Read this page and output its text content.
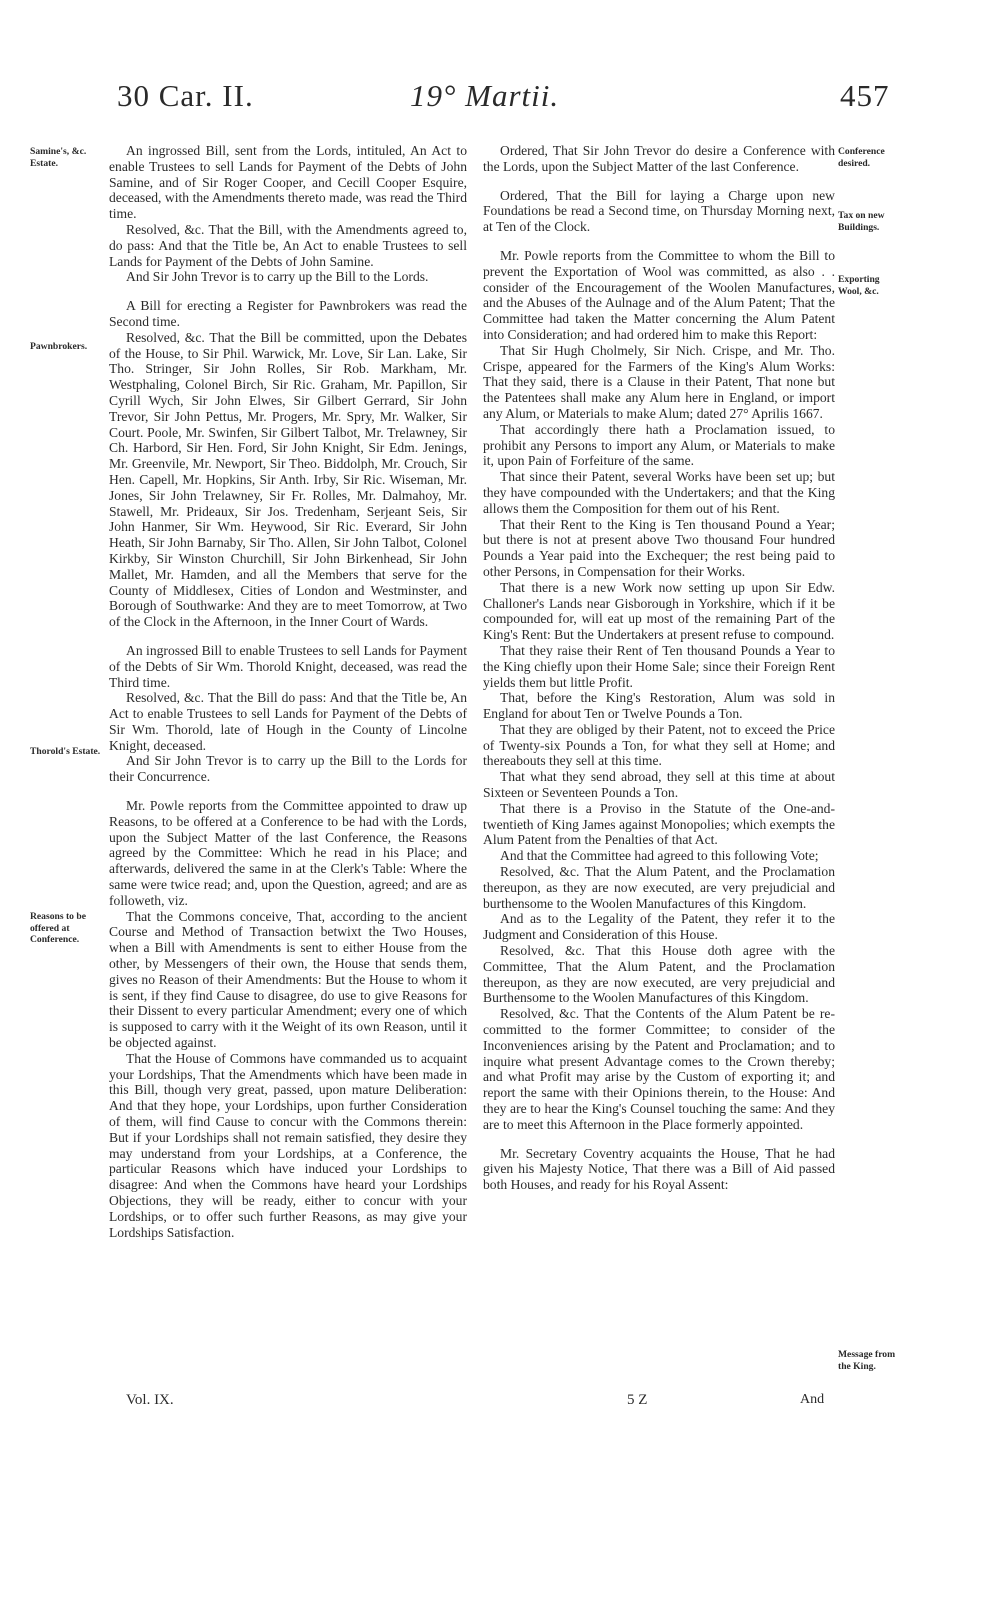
30 Car. II.	19° Martii.	457
Samine's, &c. Estate.
Pawnbrokers.
Thorold's Estate.
Reasons to be offered at Conference.

An ingrossed Bill, sent from the Lords, intituled, An Act to enable Trustees to sell Lands for Payment of the Debts of John Samine, and of Sir Roger Cooper, and Cecill Cooper Esquire, deceased, with the Amendments thereto made, was read the Third time.

Resolved, &c. That the Bill, with the Amendments agreed to, do pass: And that the Title be, An Act to enable Trustees to sell Lands for Payment of the Debts of John Samine.

And Sir John Trevor is to carry up the Bill to the Lords.

A Bill for erecting a Register for Pawnbrokers was read the Second time.

Resolved, &c. That the Bill be committed, upon the Debates of the House, to Sir Phil. Warwick, Mr. Love, Sir Lan. Lake, Sir Tho. Stringer, Sir John Rolles, Sir Rob. Markham, Mr. Westphaling, Colonel Birch, Sir Ric. Graham, Mr. Papillon, Sir Cyrill Wych, Sir John Elwes, Sir Gilbert Gerrard, Sir John Trevor, Sir John Pettus, Mr. Progers, Mr. Spry, Mr. Walker, Sir Court. Poole, Mr. Swinfen, Sir Gilbert Talbot, Mr. Trelawney, Sir Ch. Harbord, Sir Hen. Ford, Sir John Knight, Sir Edm. Jenings, Mr. Greenvile, Mr. Newport, Sir Theo. Biddolph, Mr. Crouch, Sir Hen. Capell, Mr. Hopkins, Sir Anth. Irby, Sir Ric. Wiseman, Mr. Jones, Sir John Trelawney, Sir Fr. Rolles, Mr. Dalmahoy, Mr. Stawell, Mr. Prideaux, Sir Jos. Tredenham, Serjeant Seis, Sir John Hanmer, Sir Wm. Heywood, Sir Ric. Everard, Sir John Heath, Sir John Barnaby, Sir Tho. Allen, Sir John Talbot, Colonel Kirkby, Sir Winston Churchill, Sir John Birkenhead, Sir John Mallet, Mr. Hamden, and all the Members that serve for the County of Middlesex, Cities of London and Westminster, and Borough of Southwarke: And they are to meet Tomorrow, at Two of the Clock in the Afternoon, in the Inner Court of Wards.

An ingrossed Bill to enable Trustees to sell Lands for Payment of the Debts of Sir Wm. Thorold Knight, deceased, was read the Third time.

Resolved, &c. That the Bill do pass: And that the Title be, An Act to enable Trustees to sell Lands for Payment of the Debts of Sir Wm. Thorold, late of Hough in the County of Lincolne Knight, deceased.

And Sir John Trevor is to carry up the Bill to the Lords for their Concurrence.

Mr. Powle reports from the Committee appointed to draw up Reasons, to be offered at a Conference to be had with the Lords, upon the Subject Matter of the last Conference, the Reasons agreed by the Committee: Which he read in his Place; and afterwards, delivered the same in at the Clerk's Table: Where the same were twice read; and, upon the Question, agreed; and are as followeth, viz.

That the Commons conceive, That, according to the ancient Course and Method of Transaction betwixt the Two Houses, when a Bill with Amendments is sent to either House from the other, by Messengers of their own, the House that sends them, gives no Reason of their Amendments: But the House to whom it is sent, if they find Cause to disagree, do use to give Reasons for their Dissent to every particular Amendment; every one of which is supposed to carry with it the Weight of its own Reason, until it be objected against.

That the House of Commons have commanded us to acquaint your Lordships, That the Amendments which have been made in this Bill, though very great, passed, upon mature Deliberation: And that they hope, your Lordships, upon further Consideration of them, will find Cause to concur with the Commons therein: But if your Lordships shall not remain satisfied, they desire they may understand from your Lordships, at a Conference, the particular Reasons which have induced your Lordships to disagree: And when the Commons have heard your Lordships Objections, they will be ready, either to concur with your Lordships, or to offer such further Reasons, as may give your Lordships Satisfaction.

Ordered, That Sir John Trevor do desire a Conference with the Lords, upon the Subject Matter of the last Conference.

Ordered, That the Bill for laying a Charge upon new Foundations be read a Second time, on Thursday Morning next, at Ten of the Clock.

Mr. Powle reports from the Committee to whom the Bill to prevent the Exportation of Wool was committed, as also . . consider of the Encouragement of the Woolen Manufactures, and the Abuses of the Aulnage and of the Alum Patent; That the Committee had taken the Matter concerning the Alum Patent into Consideration; and had ordered him to make this Report:

That Sir Hugh Cholmely, Sir Nich. Crispe, and Mr. Tho. Crispe, appeared for the Farmers of the King's Alum Works: That they said, there is a Clause in their Patent, That none but the Patentees shall make any Alum here in England, or import any Alum, or Materials to make Alum; dated 27° Aprilis 1667.

That accordingly there hath a Proclamation issued, to prohibit any Persons to import any Alum, or Materials to make it, upon Pain of Forfeiture of the same.

That since their Patent, several Works have been set up; but they have compounded with the Undertakers; and that the King allows them the Composition for them out of his Rent.

That their Rent to the King is Ten thousand Pound a Year; but there is not at present above Two thousand Four hundred Pounds a Year paid into the Exchequer; the rest being paid to other Persons, in Compensation for their Works.

That there is a new Work now setting up upon Sir Edw. Challoner's Lands near Gisborough in Yorkshire, which if it be compounded for, will eat up most of the remaining Part of the King's Rent: But the Undertakers at present refuse to compound.

That they raise their Rent of Ten thousand Pounds a Year to the King chiefly upon their Home Sale; since their Foreign Rent yields them but little Profit.

That, before the King's Restoration, Alum was sold in England for about Ten or Twelve Pounds a Ton.

That they are obliged by their Patent, not to exceed the Price of Twenty-six Pounds a Ton, for what they sell at Home; and thereabouts they sell at this time.

That what they send abroad, they sell at this time at about Sixteen or Seventeen Pounds a Ton.

That there is a Proviso in the Statute of the One-and-twentieth of King James against Monopolies; which exempts the Alum Patent from the Penalties of that Act.

And that the Committee had agreed to this following Vote;

Resolved, &c. That the Alum Patent, and the Proclamation thereupon, as they are now executed, are very prejudicial and burthensome to the Woolen Manufactures of this Kingdom.

And as to the Legality of the Patent, they refer it to the Judgment and Consideration of this House.

Resolved, &c. That this House doth agree with the Committee, That the Alum Patent, and the Proclamation thereupon, as they are now executed, are very prejudicial and Burthensome to the Woolen Manufactures of this Kingdom.

Resolved, &c. That the Contents of the Alum Patent be re-committed to the former Committee; to consider of the Inconveniences arising by the Patent and Proclamation; and to inquire what present Advantage comes to the Crown thereby; and what Profit may arise by the Custom of exporting it; and report the same with their Opinions therein, to the House: And they are to hear the King's Counsel touching the same: And they are to meet this Afternoon in the Place formerly appointed.

Mr. Secretary Coventry acquaints the House, That he had given his Majesty Notice, That there was a Bill of Aid passed both Houses, and ready for his Royal Assent:

Conference desired.
Tax on new Buildings.
Exporting Wool, &c.
Message from the King.
Vol. IX.	5 Z	And
